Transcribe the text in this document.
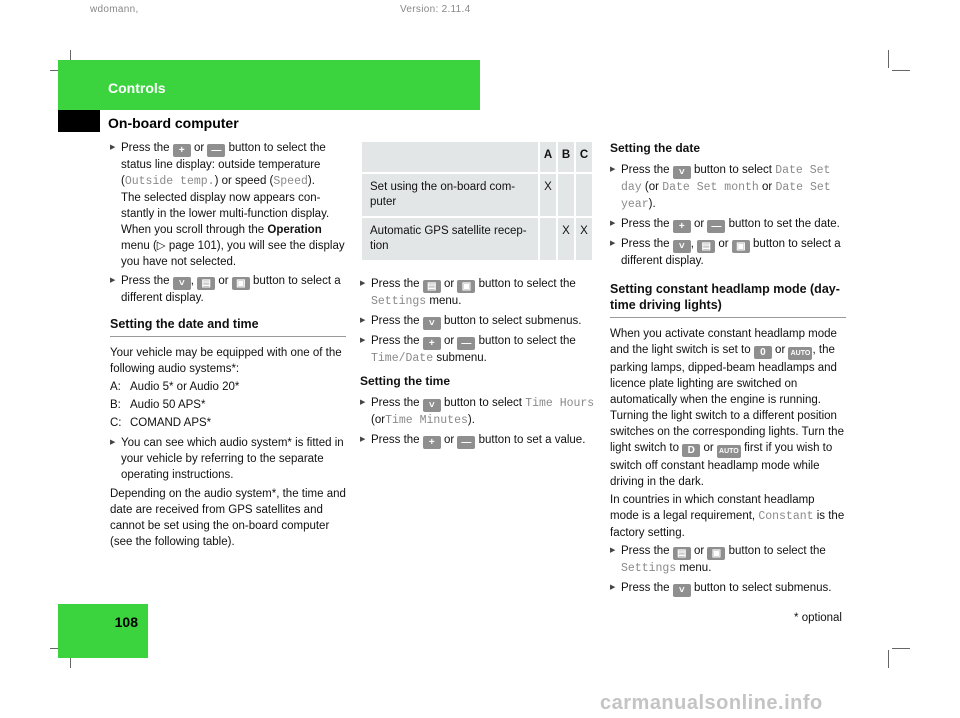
wdomann,	Version: 2.11.4
Controls
On-board computer
▶ Press the + or — button to select the status line display: outside temperature (Outside temp.) or speed (Speed).
The selected display now appears con-stantly in the lower multi-function display. When you scroll through the Operation menu (▷ page 101), you will see the display you have not selected.
▶ Press the ˅ , ▤ or ▣ button to select a different display.
Setting the date and time

Your vehicle may be equipped with one of the following audio systems*:

A: Audio 5* or Audio 20*
B: Audio 50 APS*
C: COMAND APS*
▶ You can see which audio system* is fitted in your vehicle by referring to the separate operating instructions.

Depending on the audio system*, the time and date are received from GPS satellites and cannot be set using the on-board computer (see the following table).

	A	B	C
Set using the on-board com-puter	X		
Automatic GPS satellite recep-tion		X	X
▶ Press the ▤ or ▣ button to select the Settings menu.
▶ Press the ˅ button to select submenus.
▶ Press the + or — button to select the Time/Date submenu.
Setting the time
▶ Press the ˅ button to select Time Hours (orTime Minutes).
▶ Press the + or — button to set a value.
Setting the date
▶ Press the ˅ button to select Date Set day (or Date Set month or Date Set year).
▶ Press the + or — button to set the date.
▶ Press the ˅ , ▤ or ▣ button to select a different display.
Setting constant headlamp mode (day-time driving lights)

When you activate constant headlamp mode and the light switch is set to 0 or AUTO , the parking lamps, dipped-beam headlamps and licence plate lighting are switched on automatically when the engine is running. Turning the light switch to a different position switches on the corresponding lights. Turn the light switch to D or AUTO first if you wish to switch off constant headlamp mode while driving in the dark.

In countries in which constant headlamp mode is a legal requirement, Constant is the factory setting.

▶ Press the ▤ or ▣ button to select the Settings menu.
▶ Press the ˅ button to select submenus.
108	* optional
carmanualsonline.info
